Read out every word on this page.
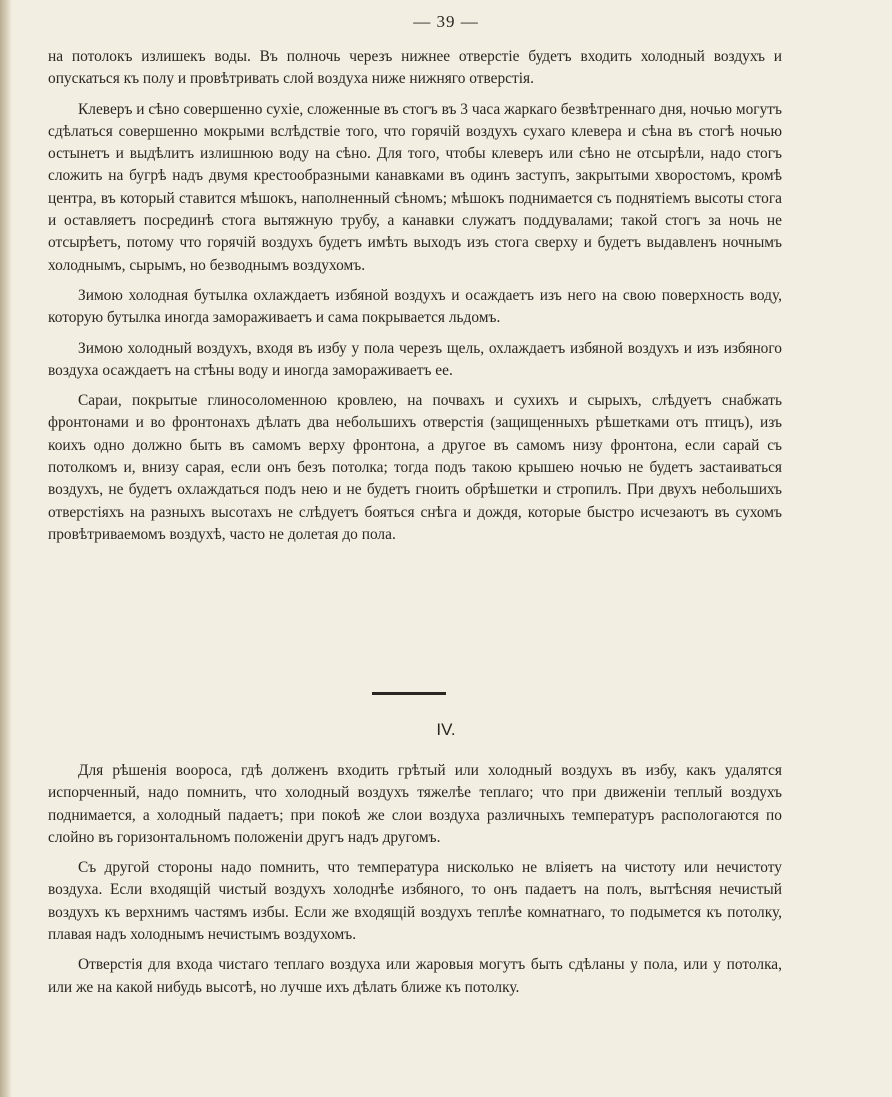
— 39 —

на потолокъ излишекъ воды. Въ полночь черезъ нижнее отверстіе будетъ входить холодный воздухъ и опускаться къ полу и провѣтривать слой воздуха ниже нижняго отверстія.

Клеверъ и сѣно совершенно сухіе, сложенные въ стогъ въ 3 часа жаркаго безвѣтреннаго дня, ночью могутъ сдѣлаться совершенно мокрыми вслѣдствіе того, что горячій воздухъ сухаго клевера и сѣна въ стогѣ ночью остынетъ и выдѣлитъ излишнюю воду на сѣно. Для того, чтобы клеверъ или сѣно не отсырѣли, надо стогъ сложить на бугрѣ надъ двумя крестообразными канавками въ одинъ заступъ, закрытыми хворостомъ, кромѣ центра, въ который ставится мѣшокъ, наполненный сѣномъ; мѣшокъ поднимается съ поднятіемъ высоты стога и оставляетъ посрединѣ стога вытяжную трубу, а канавки служатъ поддувалами; такой стогъ за ночь не отсырѣетъ, потому что горячій воздухъ будетъ имѣть выходъ изъ стога сверху и будетъ выдавленъ ночнымъ холоднымъ, сырымъ, но безводнымъ воздухомъ.

Зимою холодная бутылка охлаждаетъ избяной воздухъ и осаждаетъ изъ него на свою поверхность воду, которую бутылка иногда замораживаетъ и сама покрывается льдомъ.

Зимою холодный воздухъ, входя въ избу у пола черезъ щель, охлаждаетъ избяной воздухъ и изъ избяного воздуха осаждаетъ на стѣны воду и иногда замораживаетъ ее.

Сараи, покрытые глиносоломенною кровлею, на почвахъ и сухихъ и сырыхъ, слѣдуетъ снабжать фронтонами и во фронтонахъ дѣлать два небольшихъ отверстія (защищенныхъ рѣшетками отъ птицъ), изъ коихъ одно должно быть въ самомъ верху фронтона, а другое въ самомъ низу фронтона, если сарай съ потолкомъ и, внизу сарая, если онъ безъ потолка; тогда подъ такою крышею ночью не будетъ застаиваться воздухъ, не будетъ охлаждаться подъ нею и не будетъ гноить обрѣшетки и стропилъ. При двухъ небольшихъ отверстіяхъ на разныхъ высотахъ не слѣдуетъ бояться снѣга и дождя, которые быстро исчезаютъ въ сухомъ провѣтриваемомъ воздухѣ, часто не долетая до пола.

IV.

Для рѣшенія воороса, гдѣ долженъ входить грѣтый или холодный воздухъ въ избу, какъ удалятся испорченный, надо помнить, что холодный воздухъ тяжелѣе теплаго; что при движеніи теплый воздухъ поднимается, а холодный падаетъ; при покоѣ же слои воздуха различныхъ температуръ распологаются по слойно въ горизонтальномъ положеніи другъ надъ другомъ.

Съ другой стороны надо помнить, что температура нисколько не вліяетъ на чистоту или нечистоту воздуха. Если входящій чистый воздухъ холоднѣе избяного, то онъ падаетъ на полъ, вытѣсняя нечистый воздухъ къ верхнимъ частямъ избы. Если же входящій воздухъ теплѣе комнатнаго, то подымется къ потолку, плавая надъ холоднымъ нечистымъ воздухомъ.

Отверстія для входа чистаго теплаго воздуха или жаровыя могутъ быть сдѣланы у пола, или у потолка, или же на какой нибудь высотѣ, но лучше ихъ дѣлать ближе къ потолку.
